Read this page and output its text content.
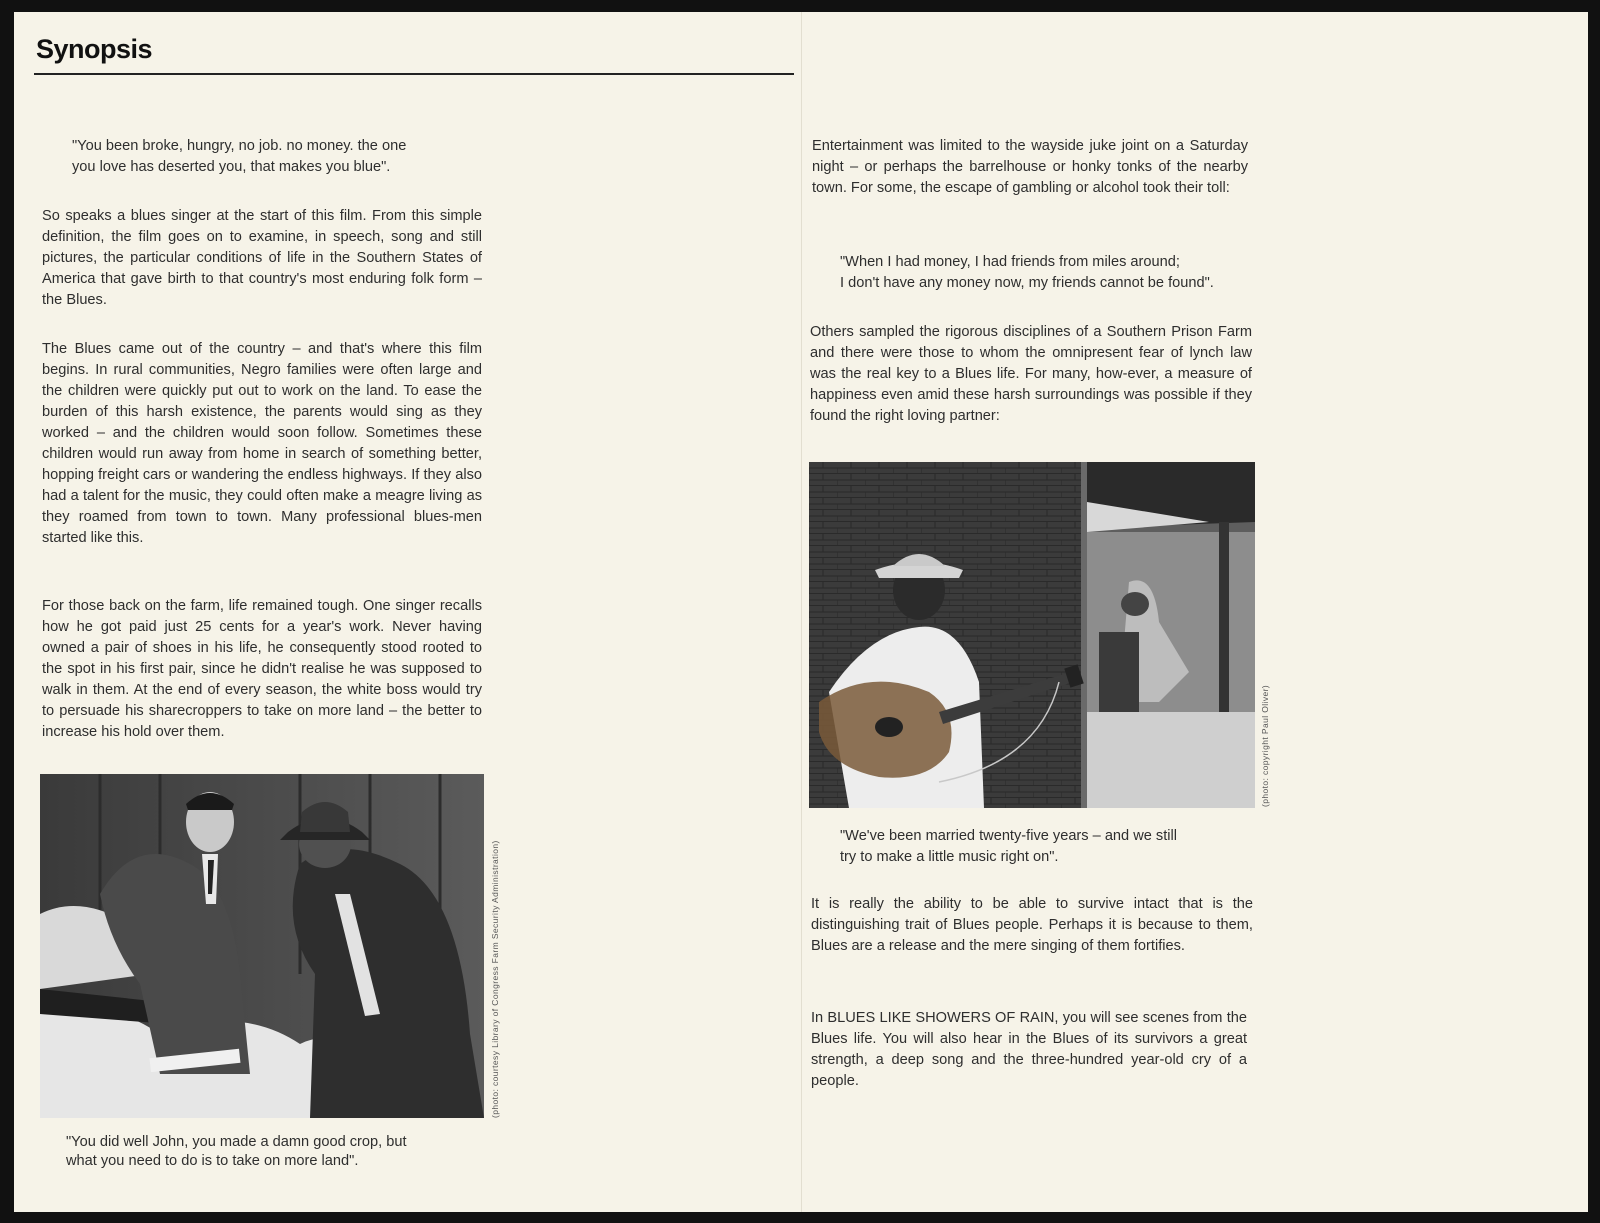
Synopsis

"You been broke, hungry, no job. no money. the one

you love has deserted you, that makes you blue".

So speaks a blues singer at the start of this film. From this simple definition, the film goes on to examine, in speech, song and still pictures, the particular conditions of life in the Southern States of America that gave birth to that country's most enduring folk form – the Blues.

The Blues came out of the country – and that's where this film begins. In rural communities, Negro families were often large and the children were quickly put out to work on the land. To ease the burden of this harsh existence, the parents would sing as they worked – and the children would soon follow. Sometimes these children would run away from home in search of something better, hopping freight cars or wandering the endless highways. If they also had a talent for the music, they could often make a meagre living as they roamed from town to town. Many professional blues-men started like this.

For those back on the farm, life remained tough. One singer recalls how he got paid just 25 cents for a year's work. Never having owned a pair of shoes in his life, he consequently stood rooted to the spot in his first pair, since he didn't realise he was supposed to walk in them. At the end of every season, the white boss would try to persuade his sharecroppers to take on more land – the better to increase his hold over them.

(photo: courtesy Library of Congress Farm Security Administration)

"You did well John, you made a damn good crop, but

what you need to do is to take on more land".

Entertainment was limited to the wayside juke joint on a Saturday night – or perhaps the barrelhouse or honky tonks of the nearby town. For some, the escape of gambling or alcohol took their toll:

"When I had money, I had friends from miles around;

I don't have any money now, my friends cannot be found".

Others sampled the rigorous disciplines of a Southern Prison Farm and there were those to whom the omnipresent fear of lynch law was the real key to a Blues life. For many, how-ever, a measure of happiness even amid these harsh surroundings was possible if they found the right loving partner:

(photo: copyright Paul Oliver)

"We've been married twenty-five years – and we still

try to make a little music right on".

It is really the ability to be able to survive intact that is the distinguishing trait of Blues people. Perhaps it is because to them, Blues are a release and the mere singing of them fortifies.

In BLUES LIKE SHOWERS OF RAIN, you will see scenes from the Blues life. You will also hear in the Blues of its survivors a great strength, a deep song and the three-hundred year-old cry of a people.
